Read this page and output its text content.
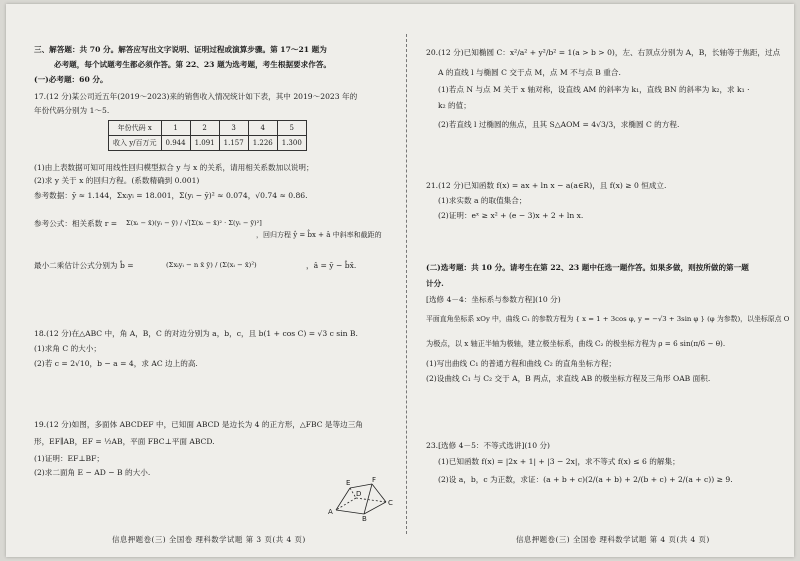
三、解答题：共 70 分。解答应写出文字说明、证明过程或演算步骤。第 17～21 题为
必考题，每个试题考生都必须作答。第 22、23 题为选考题，考生根据要求作答。
(一)必考题：60 分。
17.(12 分)某公司近五年(2019～2023)来的销售收入情况统计如下表，其中 2019～2023 年的
年份代码分别为 1～5.
年份代码 x	1	2	3	4	5
收入 y/百万元	0.944	1.091	1.157	1.226	1.300
(1)由上表数据可知可用线性回归模型拟合 y 与 x 的关系，请用相关系数加以说明；
(2)求 y 关于 x 的回归方程。(系数精确到 0.001)
参考数据：ȳ ≈ 1.144，Σxᵢyᵢ = 18.001，Σ(yᵢ − ȳ)² ≈ 0.074，√0.74 ≈ 0.86.
参考公式：相关系数 r = Σ(xᵢ − x̄)(yᵢ − ȳ) / √[Σ(xᵢ − x̄)² · Σ(yᵢ − ȳ)²]
，回归方程 ŷ = b̂x + â 中斜率和截距的
最小二乘估计公式分别为 b̂ =	(Σxᵢyᵢ − n x̄ ȳ) / (Σ(xᵢ − x̄)²)	，â = ȳ − b̂x̄.
18.(12 分)在△ABC 中，角 A，B，C 的对边分别为 a，b，c，且 b(1 + cos C) = √3 c sin B.
(1)求角 C 的大小；
(2)若 c = 2√10，b − a = 4，求 AC 边上的高.
19.(12 分)如图，多面体 ABCDEF 中，已知面 ABCD 是边长为 4 的正方形，△FBC 是等边三角
形，EF∥AB，EF = ½AB，平面 FBC⊥平面 ABCD.
(1)证明：EF⊥BF；
(2)求二面角 E − AD − B 的大小.
E	F
D
C
A
B
信息押题卷(三) 全国卷 理科数学试题 第 3 页(共 4 页)
20.(12 分)已知椭圆 C：x²/a² + y²/b² = 1(a > b > 0)，左、右顶点分别为 A，B，长轴等于焦距，过点
A 的直线 l 与椭圆 C 交于点 M，点 M 不与点 B 重合.
(1)若点 N 与点 M 关于 x 轴对称，设直线 AM 的斜率为 k₁，直线 BN 的斜率为 k₂，求 k₁ ·
k₂ 的值；
(2)若直线 l 过椭圆的焦点，且其 S△AOM = 4√3/3，求椭圆 C 的方程.
21.(12 分)已知函数 f(x) = ax + ln x − a(a∈R)，且 f(x) ≥ 0 恒成立.
(1)求实数 a 的取值集合；
(2)证明：eˣ ≥ x² + (e − 3)x + 2 + ln x.
(二)选考题：共 10 分。请考生在第 22、23 题中任选一题作答。如果多做，则按所做的第一题
计分.
[选修 4－4：坐标系与参数方程](10 分)
平面直角坐标系 xOy 中，曲线 C₁ 的参数方程为 { x = 1 + 3cos φ, y = −√3 + 3sin φ } (φ 为参数)，以坐标原点 O
为极点，以 x 轴正半轴为极轴，建立极坐标系，曲线 C₂ 的极坐标方程为 ρ = 6 sin(π/6 − θ).
(1)写出曲线 C₁ 的普通方程和曲线 C₂ 的直角坐标方程；
(2)设曲线 C₁ 与 C₂ 交于 A，B 两点，求直线 AB 的极坐标方程及三角形 OAB 面积.
23.[选修 4－5：不等式选讲](10 分)
(1)已知函数 f(x) = |2x + 1| + |3 − 2x|，求不等式 f(x) ≤ 6 的解集；
(2)设 a，b，c 为正数，求证：(a + b + c)(2/(a + b) + 2/(b + c) + 2/(a + c)) ≥ 9.
信息押题卷(三) 全国卷 理科数学试题 第 4 页(共 4 页)
